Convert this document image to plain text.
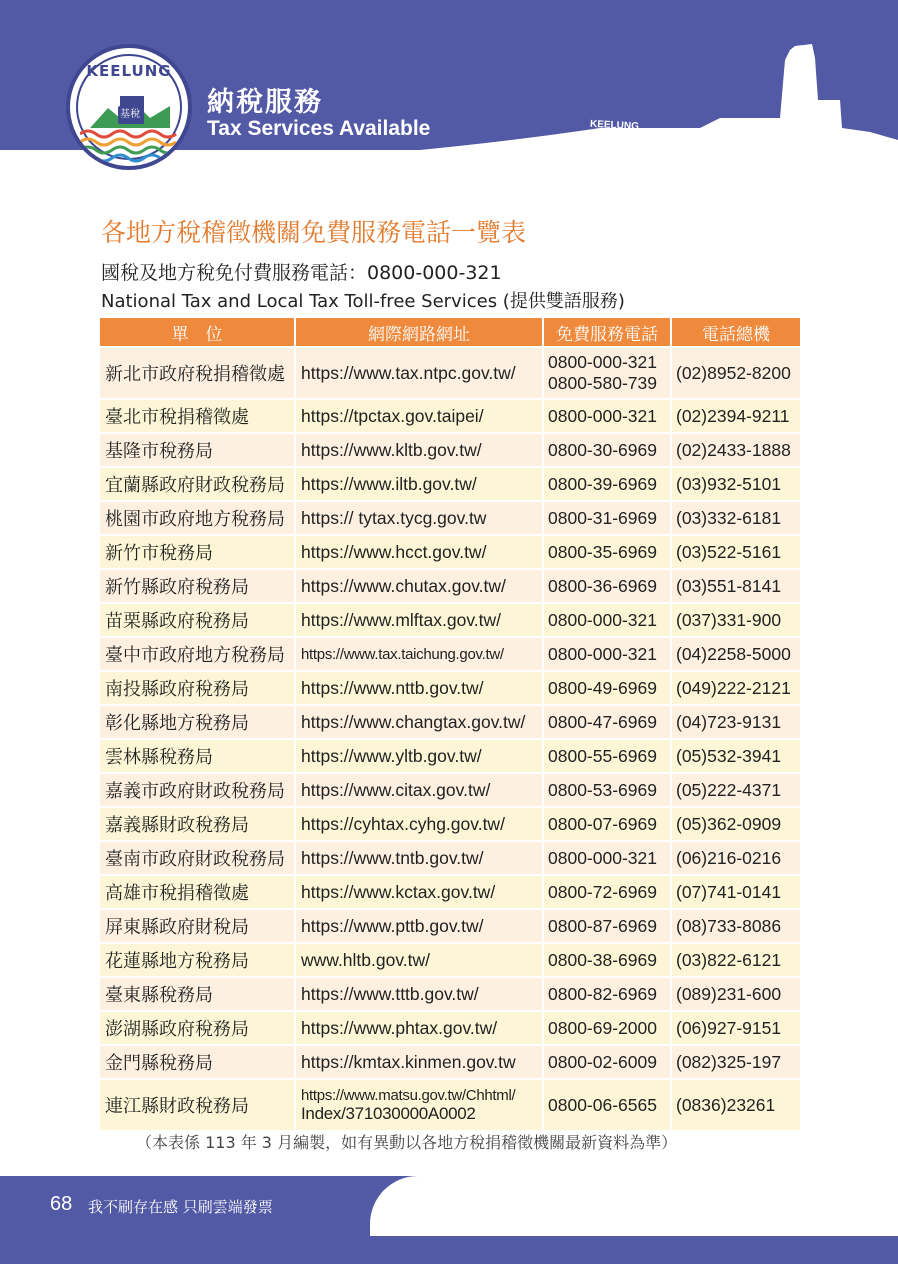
KEELUNG
納稅服務
Tax Services Available
KEELUNG
基稅
各地方稅稽徵機關免費服務電話一覽表
國稅及地方稅免付費服務電話：0800-000-321
National Tax and Local Tax Toll-free Services (提供雙語服務)
單　位	網際網路網址	免費服務電話	電話總機
新北市政府稅捐稽徵處	https://www.tax.ntpc.gov.tw/	0800-000-321
0800-580-739	(02)8952-8200
臺北市稅捐稽徵處	https://tpctax.gov.taipei/	0800-000-321	(02)2394-9211
基隆市稅務局	https://www.kltb.gov.tw/	0800-30-6969	(02)2433-1888
宜蘭縣政府財政稅務局	https://www.iltb.gov.tw/	0800-39-6969	(03)932-5101
桃園市政府地方稅務局	https:// tytax.tycg.gov.tw	0800-31-6969	(03)332-6181
新竹市稅務局	https://www.hcct.gov.tw/	0800-35-6969	(03)522-5161
新竹縣政府稅務局	https://www.chutax.gov.tw/	0800-36-6969	(03)551-8141
苗栗縣政府稅務局	https://www.mlftax.gov.tw/	0800-000-321	(037)331-900
臺中市政府地方稅務局	https://www.tax.taichung.gov.tw/	0800-000-321	(04)2258-5000
南投縣政府稅務局	https://www.nttb.gov.tw/	0800-49-6969	(049)222-2121
彰化縣地方稅務局	https://www.changtax.gov.tw/	0800-47-6969	(04)723-9131
雲林縣稅務局	https://www.yltb.gov.tw/	0800-55-6969	(05)532-3941
嘉義市政府財政稅務局	https://www.citax.gov.tw/	0800-53-6969	(05)222-4371
嘉義縣財政稅務局	https://cyhtax.cyhg.gov.tw/	0800-07-6969	(05)362-0909
臺南市政府財政稅務局	https://www.tntb.gov.tw/	0800-000-321	(06)216-0216
高雄市稅捐稽徵處	https://www.kctax.gov.tw/	0800-72-6969	(07)741-0141
屏東縣政府財稅局	https://www.pttb.gov.tw/	0800-87-6969	(08)733-8086
花蓮縣地方稅務局	www.hltb.gov.tw/	0800-38-6969	(03)822-6121
臺東縣稅務局	https://www.tttb.gov.tw/	0800-82-6969	(089)231-600
澎湖縣政府稅務局	https://www.phtax.gov.tw/	0800-69-2000	(06)927-9151
金門縣稅務局	https://kmtax.kinmen.gov.tw	0800-02-6009	(082)325-197
連江縣財政稅務局	https://www.matsu.gov.tw/Chhtml/
Index/371030000A0002	0800-06-6565	(0836)23261
（本表係 113 年 3 月編製，如有異動以各地方稅捐稽徵機關最新資料為準）
68 我不刷存在感 只刷雲端發票
